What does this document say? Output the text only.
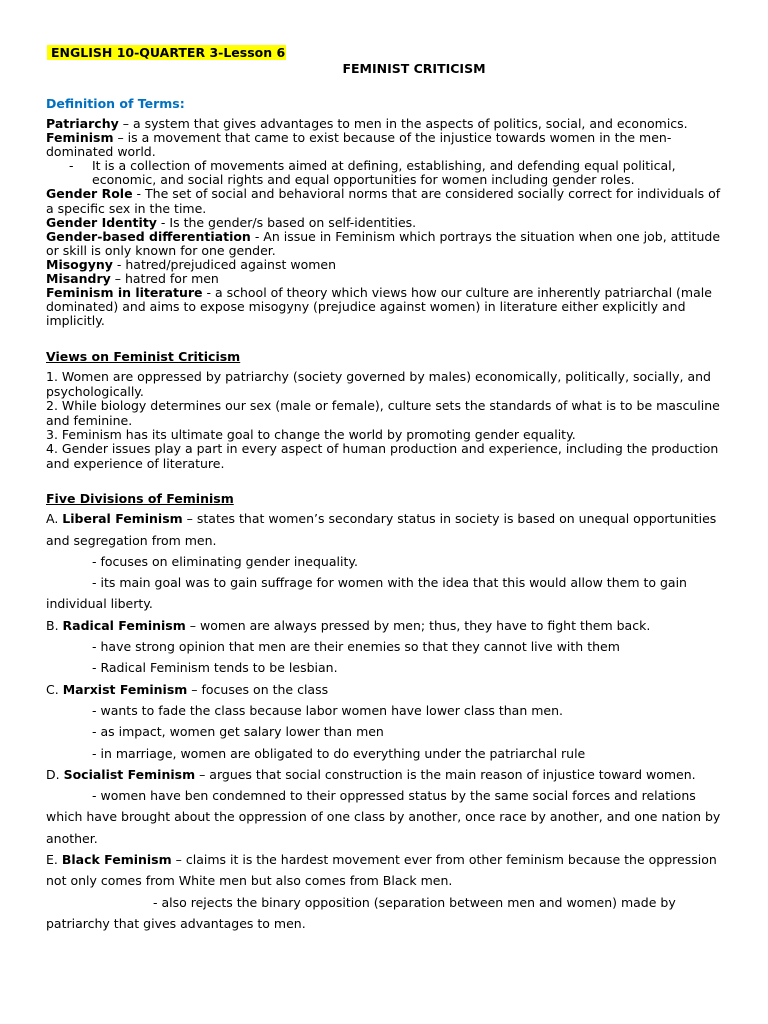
ENGLISH 10-QUARTER 3-Lesson 6
FEMINIST CRITICISM
Definition of Terms:

Patriarchy – a system that gives advantages to men in the aspects of politics, social, and economics.

Feminism – is a movement that came to exist because of the injustice towards women in the men-dominated world.

- It is a collection of movements aimed at defining, establishing, and defending equal political, economic, and social rights and equal opportunities for women including gender roles.

Gender Role - The set of social and behavioral norms that are considered socially correct for individuals of a specific sex in the time.

Gender Identity - Is the gender/s based on self-identities.

Gender-based differentiation - An issue in Feminism which portrays the situation when one job, attitude or skill is only known for one gender.

Misogyny - hatred/prejudiced against women

Misandry – hatred for men

Feminism in literature - a school of theory which views how our culture are inherently patriarchal (male dominated) and aims to expose misogyny (prejudice against women) in literature either explicitly and implicitly.

Views on Feminist Criticism

1. Women are oppressed by patriarchy (society governed by males) economically, politically, socially, and psychologically.

2. While biology determines our sex (male or female), culture sets the standards of what is to be masculine and feminine.

3. Feminism has its ultimate goal to change the world by promoting gender equality.

4. Gender issues play a part in every aspect of human production and experience, including the production and experience of literature.

Five Divisions of Feminism

A. Liberal Feminism – states that women’s secondary status in society is based on unequal opportunities and segregation from men.

- focuses on eliminating gender inequality.

- its main goal was to gain suffrage for women with the idea that this would allow them to gain individual liberty.

B. Radical Feminism – women are always pressed by men; thus, they have to fight them back.

- have strong opinion that men are their enemies so that they cannot live with them

- Radical Feminism tends to be lesbian.

C. Marxist Feminism – focuses on the class

- wants to fade the class because labor women have lower class than men.

- as impact, women get salary lower than men

- in marriage, women are obligated to do everything under the patriarchal rule

D. Socialist Feminism – argues that social construction is the main reason of injustice toward women.

- women have ben condemned to their oppressed status by the same social forces and relations which have brought about the oppression of one class by another, once race by another, and one nation by another.

E. Black Feminism – claims it is the hardest movement ever from other feminism because the oppression not only comes from White men but also comes from Black men.

- also rejects the binary opposition (separation between men and women) made by patriarchy that gives advantages to men.
